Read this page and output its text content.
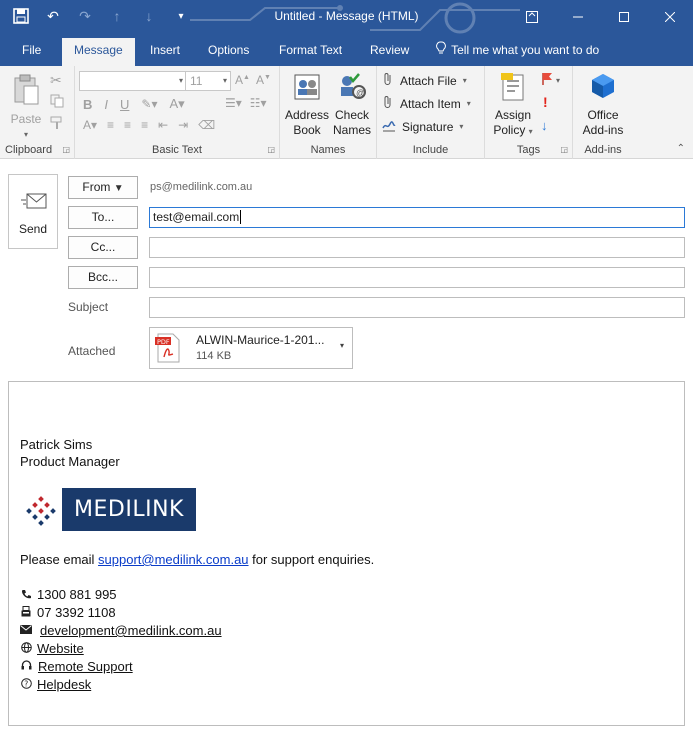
↶ ↷	↑	↓	▾	Untitled - Message (HTML)
File	Message	Insert	Options	Format Text	Review	Tell me what you want to do
Paste
▾
✂
Clipboard	◲
▾ 11	▾ A▲ A▼
B I U ✎▾ A▾	☰▾ ☷▾
A▾ ≡ ≡ ≡ ⇤ ⇥ ⌫
Basic Text	◲
Address
Book
@
Check
Names
Names
Attach File ▾
Attach Item ▾
Signature ▾
Include
Assign
Policy ▾
▾
!
↓
Tags	◲
Office
Add-ins
Add-ins	⌃
Send
From ▼	ps@medilink.com.au
To...	test@email.com
Cc...
Bcc...
Subject
Attached
PDF ALWIN-Maurice-1-201...
114 KB
▾
Patrick Sims
Product Manager
MEDILINK
Please email support@medilink.com.au for support enquiries.
1300 881 995
07 3392 1108
development@medilink.com.au
Website
Remote Support
? Helpdesk
